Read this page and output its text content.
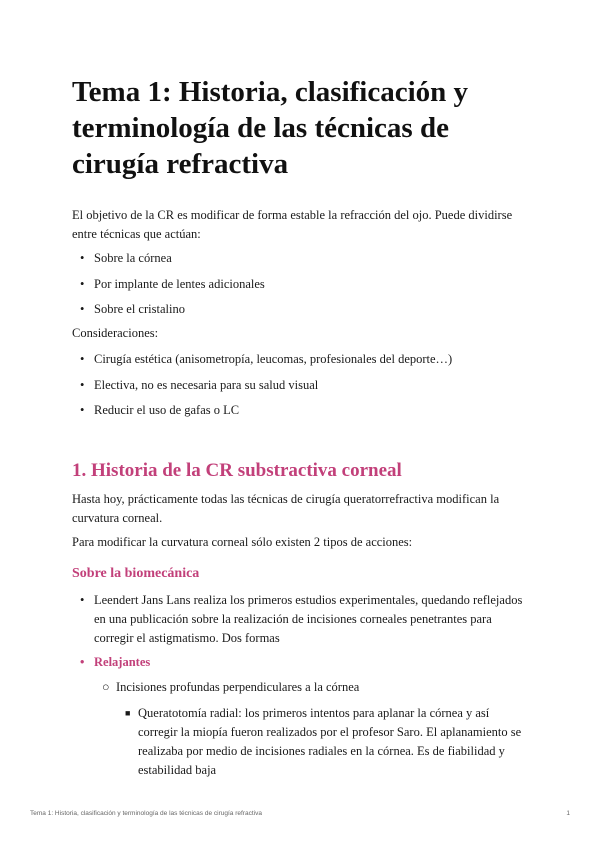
Tema 1: Historia, clasificación y terminología de las técnicas de cirugía refractiva

El objetivo de la CR es modificar de forma estable la refracción del ojo. Puede dividirse entre técnicas que actúan:

• Sobre la córnea

• Por implante de lentes adicionales

• Sobre el cristalino

Consideraciones:

• Cirugía estética (anisometropía, leucomas, profesionales del deporte…)

• Electiva, no es necesaria para su salud visual

• Reducir el uso de gafas o LC

1. Historia de la CR substractiva corneal

Hasta hoy, prácticamente todas las técnicas de cirugía queratorrefractiva modifican la curvatura corneal.

Para modificar la curvatura corneal sólo existen 2 tipos de acciones:

Sobre la biomecánica

• Leendert Jans Lans realiza los primeros estudios experimentales, quedando reflejados en una publicación sobre la realización de incisiones corneales penetrantes para corregir el astigmatismo. Dos formas

• Relajantes

○ Incisiones profundas perpendiculares a la córnea

■ Queratotomía radial: los primeros intentos para aplanar la córnea y así corregir la miopía fueron realizados por el profesor Saro. El aplanamiento se realizaba por medio de incisiones radiales en la córnea. Es de fiabilidad y estabilidad baja

Tema 1: Historia, clasificación y terminología de las técnicas de cirugía refractiva	1
